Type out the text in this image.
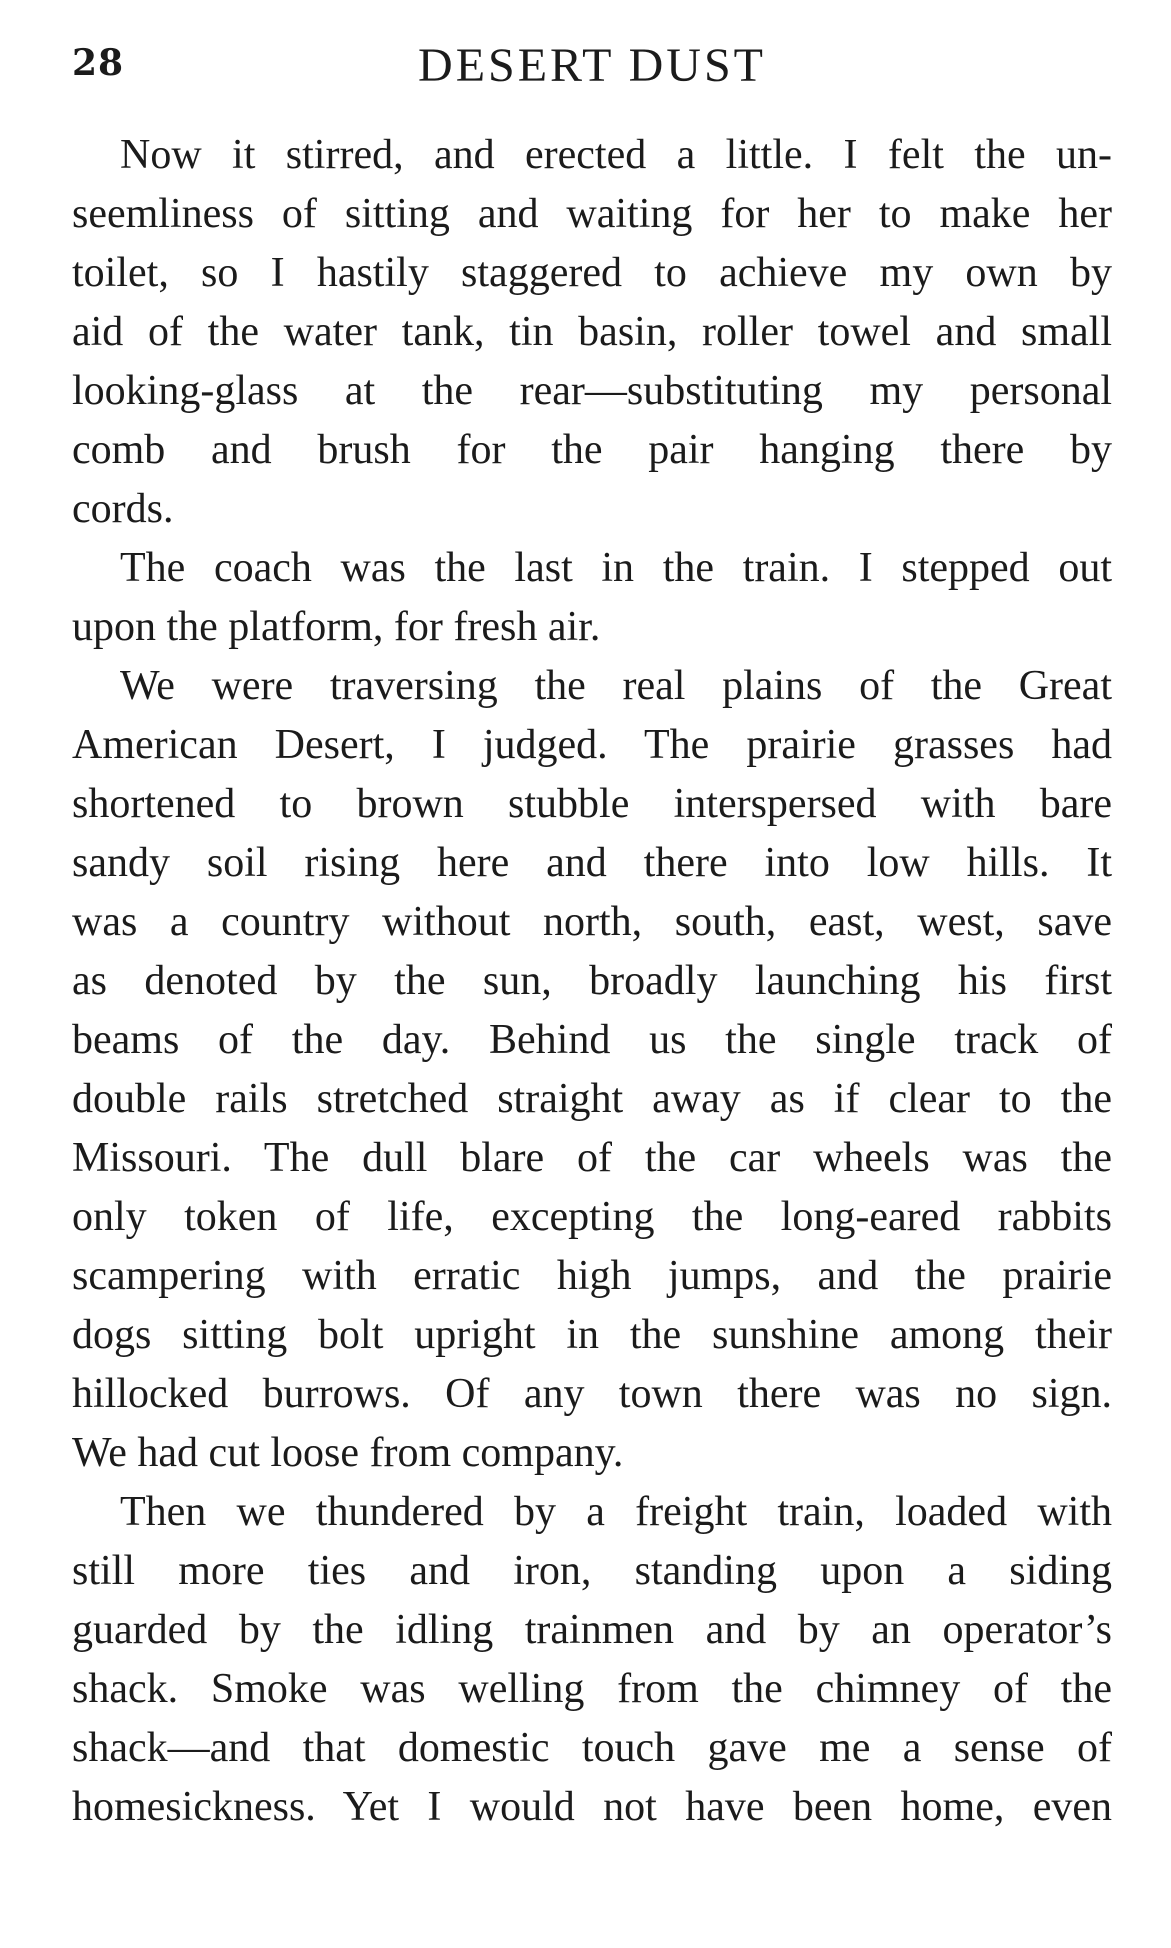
28	DESERT DUST

Now it stirred, and erected a little. I felt the un-
seemliness of sitting and waiting for her to make her
toilet, so I hastily staggered to achieve my own by
aid of the water tank, tin basin, roller towel and small
looking-glass at the rear—substituting my personal
comb and brush for the pair hanging there by
cords.

The coach was the last in the train. I stepped out
upon the platform, for fresh air.

We were traversing the real plains of the Great
American Desert, I judged. The prairie grasses had
shortened to brown stubble interspersed with bare
sandy soil rising here and there into low hills. It
was a country without north, south, east, west, save
as denoted by the sun, broadly launching his first
beams of the day. Behind us the single track of
double rails stretched straight away as if clear to the
Missouri. The dull blare of the car wheels was the
only token of life, excepting the long-eared rabbits
scampering with erratic high jumps, and the prairie
dogs sitting bolt upright in the sunshine among their
hillocked burrows. Of any town there was no sign.
We had cut loose from company.

Then we thundered by a freight train, loaded with
still more ties and iron, standing upon a siding
guarded by the idling trainmen and by an operator’s
shack. Smoke was welling from the chimney of the
shack—and that domestic touch gave me a sense of
homesickness. Yet I would not have been home, even
